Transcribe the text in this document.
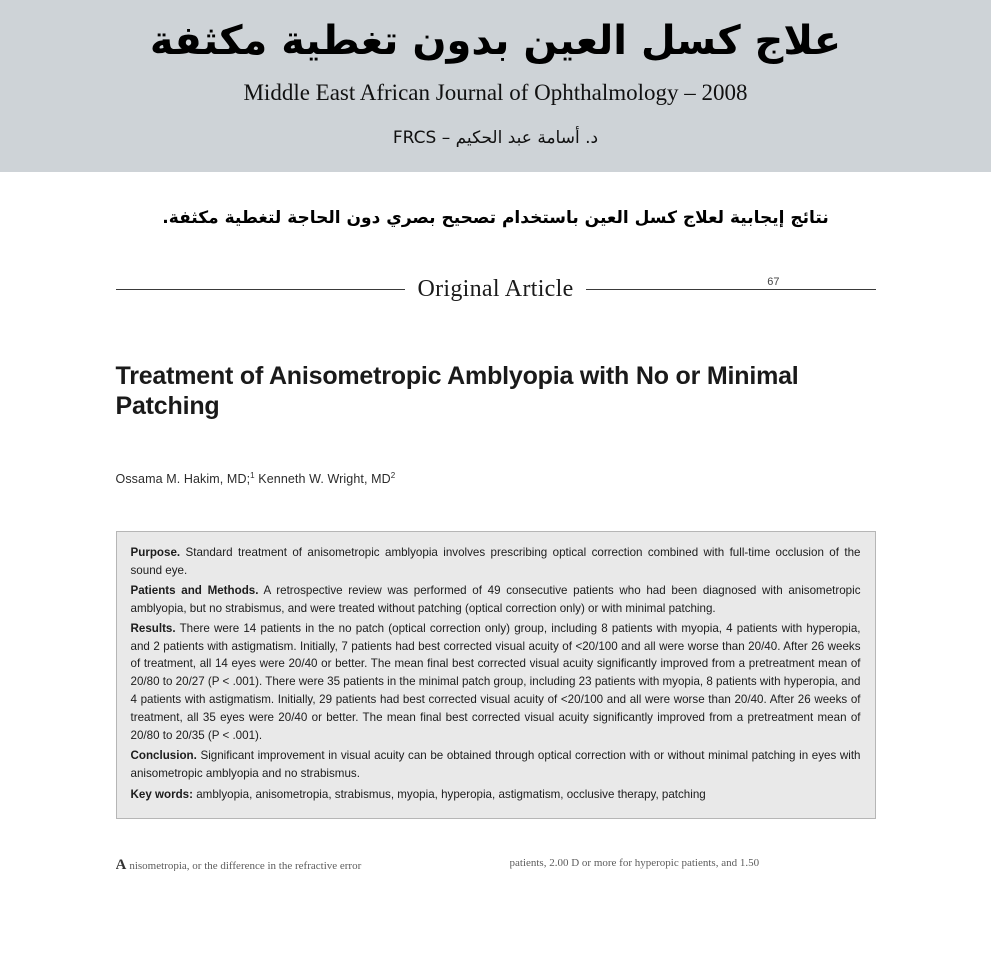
علاج كسل العين بدون تغطية مكثفة
Middle East African Journal of Ophthalmology – 2008
د. أسامة عبد الحكيم – FRCS
نتائج إيجابية لعلاج كسل العين باستخدام تصحيح بصري دون الحاجة لتغطية مكثفة.
67
Original Article
Treatment of Anisometropic Amblyopia with No or Minimal Patching
Ossama M. Hakim, MD;$^1$ Kenneth W. Wright, $MD^2$

Purpose. Standard treatment of anisometropic amblyopia involves prescribing optical correction combined with full-time occlusion of the sound eye.

Patients and Methods. A retrospective review was performed of 49 consecutive patients who had been diagnosed with anisometropic amblyopia, but no strabismus, and were treated without patching (optical correction only) or with minimal patching.

Results. There were 14 patients in the no patch (optical correction only) group, including 8 patients with myopia, 4 patients with hyperopia, and 2 patients with astigmatism. Initially, 7 patients had best corrected visual acuity of <20/100 and all were worse than 20/40. After 26 weeks of treatment, all 14 eyes were 20/40 or better. The mean final best corrected visual acuity significantly improved from a pretreatment mean of 20/80 to 20/27 (P < .001). There were 35 patients in the minimal patch group, including 23 patients with myopia, 8 patients with hyperopia, and 4 patients with astigmatism. Initially, 29 patients had best corrected visual acuity of <20/100 and all were worse than 20/40. After 26 weeks of treatment, all 35 eyes were 20/40 or better. The mean final best corrected visual acuity significantly improved from a pretreatment mean of 20/80 to 20/35 (P < .001).

Conclusion. Significant improvement in visual acuity can be obtained through optical correction with or without minimal patching in eyes with anisometropic amblyopia and no strabismus.

Key words: amblyopia, anisometropia, strabismus, myopia, hyperopia, astigmatism, occlusive therapy, patching

A nisometropia, or the difference in the refractive error	patients, 2.00 D or more for hyperopic patients, and 1.50
